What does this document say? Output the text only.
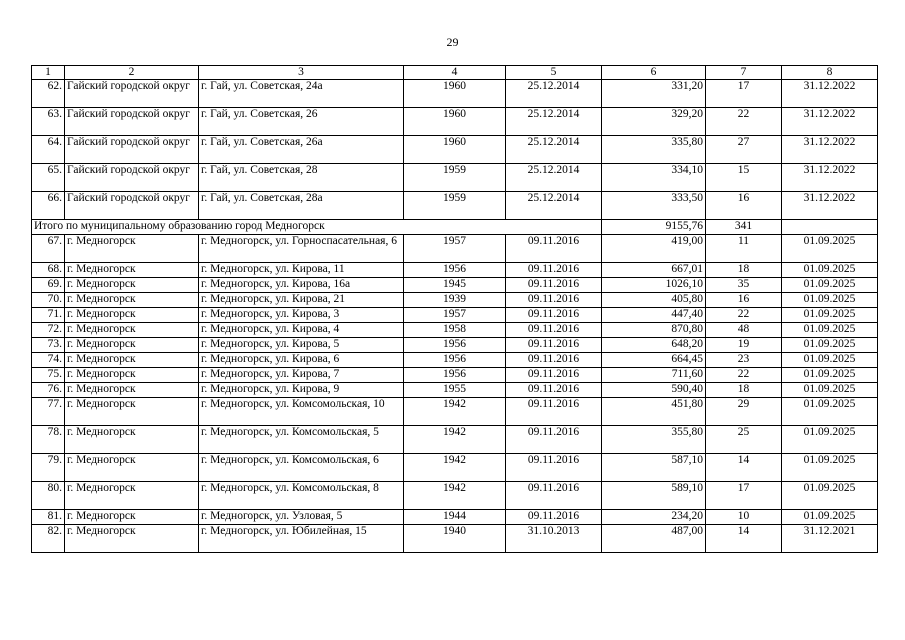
29
1	2	3	4	5	6	7	8
62.	Гайский городской округ	г. Гай, ул. Советская, 24а	1960	25.12.2014	331,20	17	31.12.2022
63.	Гайский городской округ	г. Гай, ул. Советская, 26	1960	25.12.2014	329,20	22	31.12.2022
64.	Гайский городской округ	г. Гай, ул. Советская, 26а	1960	25.12.2014	335,80	27	31.12.2022
65.	Гайский городской округ	г. Гай, ул. Советская, 28	1959	25.12.2014	334,10	15	31.12.2022
66.	Гайский городской округ	г. Гай, ул. Советская, 28а	1959	25.12.2014	333,50	16	31.12.2022
Итого по муниципальному образованию город Медногорск					9155,76	341	
67.	г. Медногорск	г. Медногорск, ул. Горноспасательная, 6	1957	09.11.2016	419,00	11	01.09.2025
68.	г. Медногорск	г. Медногорск, ул. Кирова, 11	1956	09.11.2016	667,01	18	01.09.2025
69.	г. Медногорск	г. Медногорск, ул. Кирова, 16а	1945	09.11.2016	1026,10	35	01.09.2025
70.	г. Медногорск	г. Медногорск, ул. Кирова, 21	1939	09.11.2016	405,80	16	01.09.2025
71.	г. Медногорск	г. Медногорск, ул. Кирова, 3	1957	09.11.2016	447,40	22	01.09.2025
72.	г. Медногорск	г. Медногорск, ул. Кирова, 4	1958	09.11.2016	870,80	48	01.09.2025
73.	г. Медногорск	г. Медногорск, ул. Кирова, 5	1956	09.11.2016	648,20	19	01.09.2025
74.	г. Медногорск	г. Медногорск, ул. Кирова, 6	1956	09.11.2016	664,45	23	01.09.2025
75.	г. Медногорск	г. Медногорск, ул. Кирова, 7	1956	09.11.2016	711,60	22	01.09.2025
76.	г. Медногорск	г. Медногорск, ул. Кирова, 9	1955	09.11.2016	590,40	18	01.09.2025
77.	г. Медногорск	г. Медногорск, ул. Комсомольская, 10	1942	09.11.2016	451,80	29	01.09.2025
78.	г. Медногорск	г. Медногорск, ул. Комсомольская, 5	1942	09.11.2016	355,80	25	01.09.2025
79.	г. Медногорск	г. Медногорск, ул. Комсомольская, 6	1942	09.11.2016	587,10	14	01.09.2025
80.	г. Медногорск	г. Медногорск, ул. Комсомольская, 8	1942	09.11.2016	589,10	17	01.09.2025
81.	г. Медногорск	г. Медногорск, ул. Узловая, 5	1944	09.11.2016	234,20	10	01.09.2025
82.	г. Медногорск	г. Медногорск, ул. Юбилейная, 15	1940	31.10.2013	487,00	14	31.12.2021
